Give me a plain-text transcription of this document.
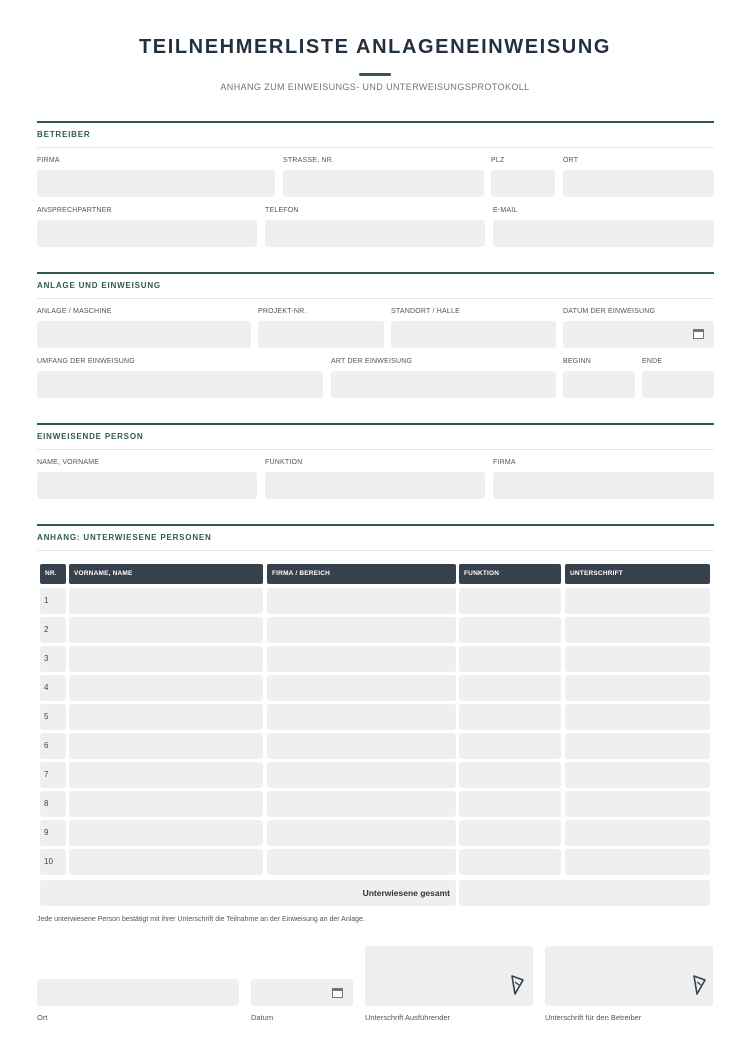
TEILNEHMERLISTE ANLAGENEINWEISUNG
ANHANG ZUM EINWEISUNGS- UND UNTERWEISUNGSPROTOKOLL
BETREIBER
FIRMA	STRASSE, NR.	PLZ	ORT
ANSPRECHPARTNER	TELEFON	E-MAIL
ANLAGE UND EINWEISUNG
ANLAGE / MASCHINE	PROJEKT-NR.	STANDORT / HALLE	DATUM DER EINWEISUNG
UMFANG DER EINWEISUNG	ART DER EINWEISUNG	BEGINN	ENDE
EINWEISENDE PERSON
NAME, VORNAME	FUNKTION	FIRMA
ANHANG: UNTERWIESENE PERSONEN
NR.	VORNAME, NAME	FIRMA / BEREICH	FUNKTION	UNTERSCHRIFT
1
2
3
4
5
6
7
8
9
10
Unterwiesene gesamt
Jede unterwiesene Person bestätigt mit ihrer Unterschrift die Teilnahme an der Einweisung an der Anlage.
Ort	Datum	Unterschrift Ausführender	Unterschrift für den Betreiber
